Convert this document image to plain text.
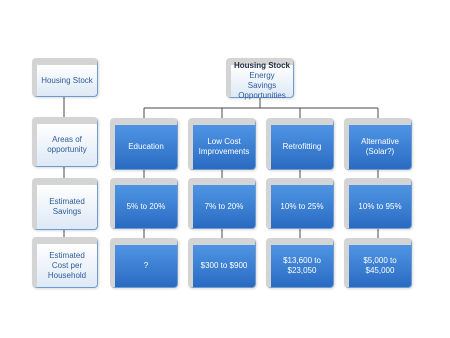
Housing Stock
Areas of opportunity
Estimated Savings
Estimated Cost per Household
Housing Stock
Energy Savings Opportunities
Education
5% to 20%
?
Low Cost Improvements
7% to 20%
$300 to $900
Retrofitting
10% to 25%
$13,600 to $23,050
Alternative (Solar?)
10% to 95%
$5,000 to $45,000
